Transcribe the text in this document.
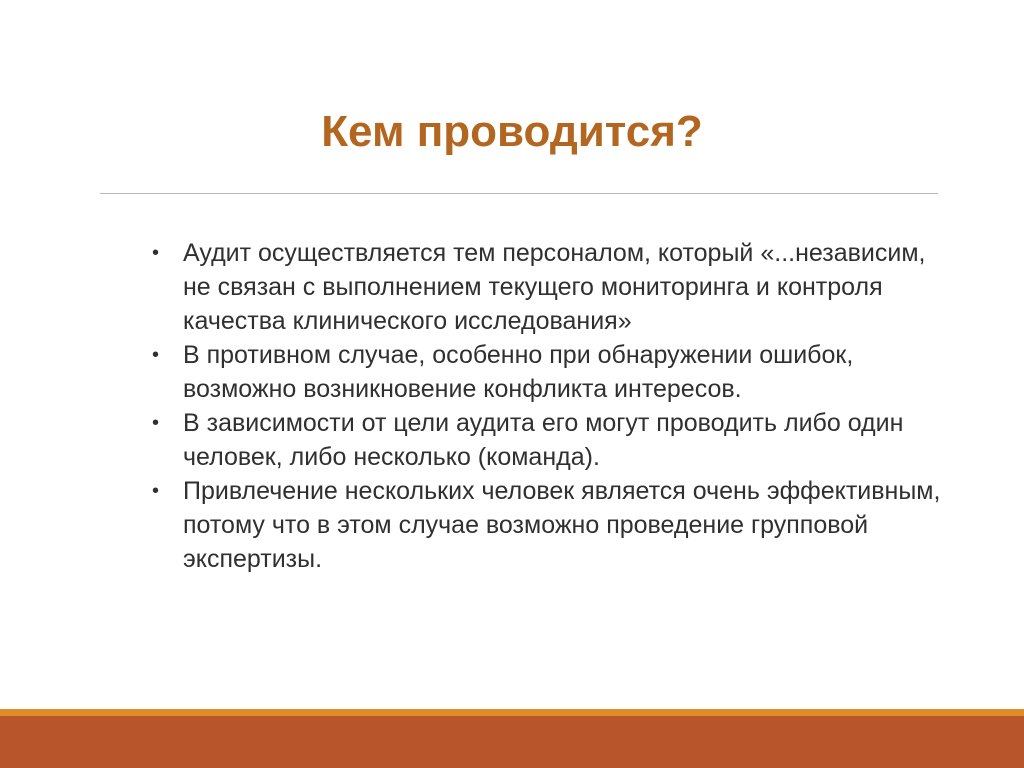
Кем проводится?
• Аудит осуществляется тем персоналом, который «...независим, не связан с выполнением текущего мониторинга и контроля качества клинического исследования»
• В противном случае, особенно при обнаружении ошибок, возможно возникновение конфликта интересов.
• В зависимости от цели аудита его могут проводить либо один человек, либо несколько (команда).
• Привлечение нескольких человек является очень эффективным, потому что в этом случае возможно проведение групповой экспертизы.
